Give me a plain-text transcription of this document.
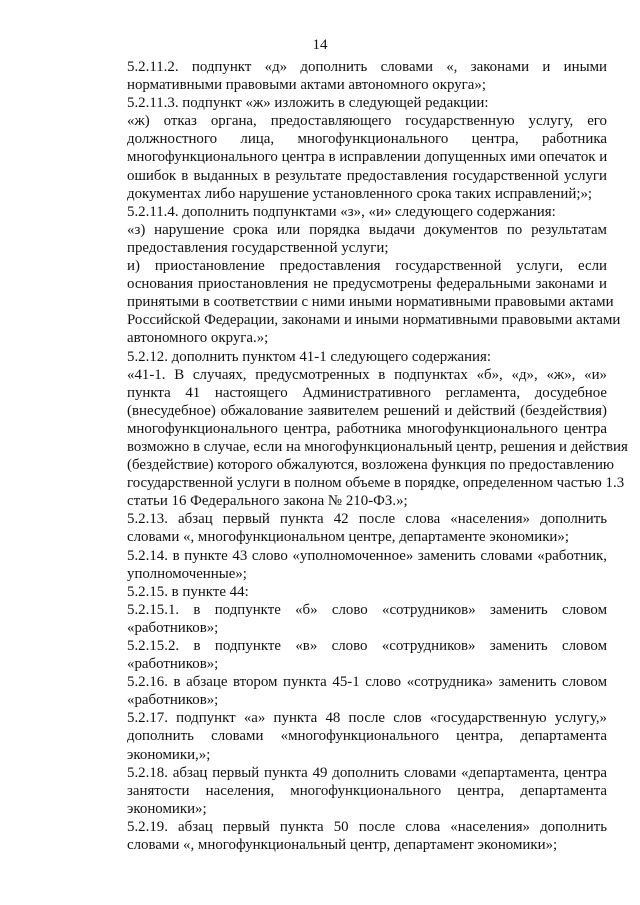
14
5.2.11.2. подпункт «д» дополнить словами «, законами и иными
нормативными правовыми актами автономного округа»;
5.2.11.3. подпункт «ж» изложить в следующей редакции:
«ж) отказ органа, предоставляющего государственную услугу, его
должностного лица, многофункционального центра, работника
многофункционального центра в исправлении допущенных ими опечаток и
ошибок в выданных в результате предоставления государственной услуги
документах либо нарушение установленного срока таких исправлений;»;
5.2.11.4. дополнить подпунктами «з», «и» следующего содержания:
«з) нарушение срока или порядка выдачи документов по результатам
предоставления государственной услуги;
и) приостановление предоставления государственной услуги, если
основания приостановления не предусмотрены федеральными законами и
принятыми в соответствии с ними иными нормативными правовыми актами
Российской Федерации, законами и иными нормативными правовыми актами
автономного округа.»;
5.2.12. дополнить пунктом 41-1 следующего содержания:
«41-1. В случаях, предусмотренных в подпунктах «б», «д», «ж», «и»
пункта 41 настоящего Административного регламента, досудебное
(внесудебное) обжалование заявителем решений и действий (бездействия)
многофункционального центра, работника многофункционального центра
возможно в случае, если на многофункциональный центр, решения и действия
(бездействие) которого обжалуются, возложена функция по предоставлению
государственной услуги в полном объеме в порядке, определенном частью 1.3
статьи 16 Федерального закона № 210-ФЗ.»;
5.2.13. абзац первый пункта 42 после слова «населения» дополнить
словами «, многофункциональном центре, департаменте экономики»;
5.2.14. в пункте 43 слово «уполномоченное» заменить словами «работник,
уполномоченные»;
5.2.15. в пункте 44:
5.2.15.1. в подпункте «б» слово «сотрудников» заменить словом
«работников»;
5.2.15.2. в подпункте «в» слово «сотрудников» заменить словом
«работников»;
5.2.16. в абзаце втором пункта 45-1 слово «сотрудника» заменить словом
«работников»;
5.2.17. подпункт «а» пункта 48 после слов «государственную услугу,»
дополнить словами «многофункционального центра, департамента
экономики,»;
5.2.18. абзац первый пункта 49 дополнить словами «департамента, центра
занятости населения, многофункционального центра, департамента
экономики»;
5.2.19. абзац первый пункта 50 после слова «населения» дополнить
словами «, многофункциональный центр, департамент экономики»;
